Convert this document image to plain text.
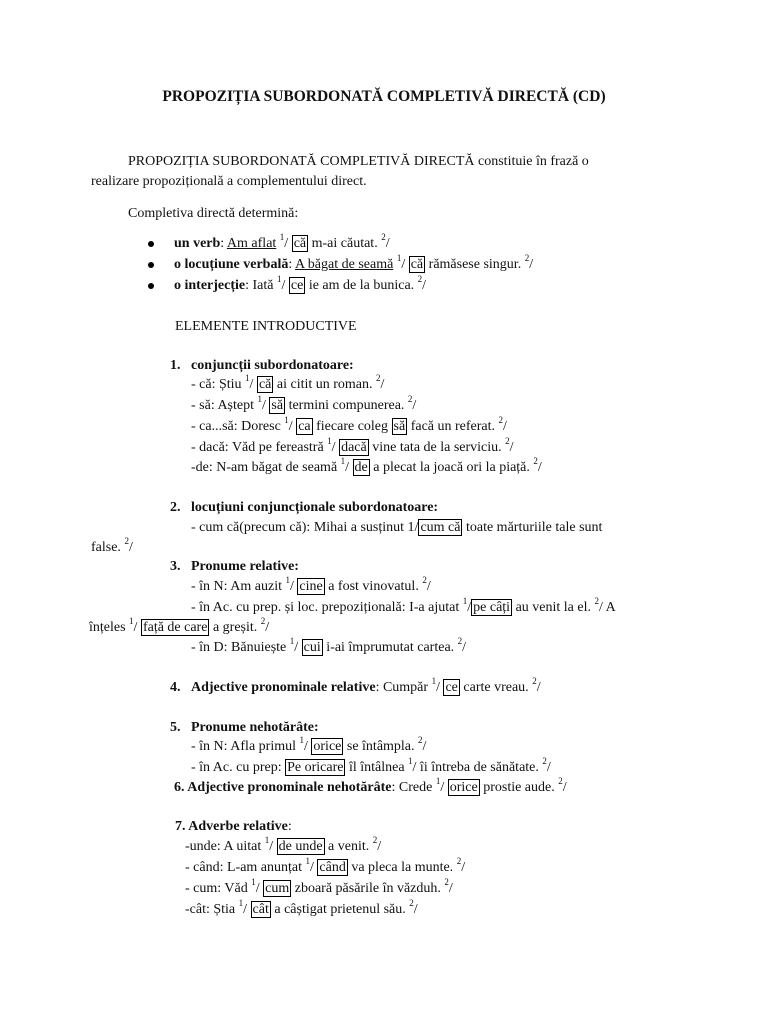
PROPOZIȚIA SUBORDONATĂ COMPLETIVĂ DIRECTĂ (CD)
PROPOZIȚIA SUBORDONATĂ COMPLETIVĂ DIRECTĂ constituie în frază o
realizare propozițională a complementului direct.
Completiva directă determină:
un verb: Am aflat $^1$/ că m-ai căutat. $^2$/
o locuțiune verbală: A băgat de seamă $^1$/ că rămăsese singur. $^2$/
o interjecție: Iată $^1$/ ce ie am de la bunica. $^2$/
ELEMENTE INTRODUCTIVE
1. conjuncții subordonatoare:
- că: Știu $^1$/ că ai citit un roman. $^2$/
- să: Aștept $^1$/ să termini compunerea. $^2$/
- ca...să: Doresc $^1$/ ca fiecare coleg să facă un referat. $^2$/
- dacă: Văd pe fereastră $^1$/ dacă vine tata de la serviciu. $^2$/
-de: N-am băgat de seamă $^1$/ de a plecat la joacă ori la piață. $^2$/
2. locuțiuni conjuncționale subordonatoare:
- cum că(precum că): Mihai a susținut 1/ cum că toate mărturiile tale sunt
false. $^2$/
3. Pronume relative:
- în N: Am auzit $^1$/ cine a fost vinovatul. $^2$/
- în Ac. cu prep. și loc. prepozițională: I-a ajutat $^1$/ pe câți au venit la el. $^2$/ A
înțeles $^1$/ față de care a greșit. $^2$/
- în D: Bănuiește $^1$/ cui i-ai împrumutat cartea. $^2$/
4. Adjective pronominale relative: Cumpăr $^1$/ ce carte vreau. $^2$/
5. Pronume nehotărâte:
- în N: Afla primul $^1$/ orice se întâmpla. $^2$/
- în Ac. cu prep: Pe oricare îl întâlnea $^1$/ îi întreba de sănătate. $^2$/
6. Adjective pronominale nehotărâte: Crede $^1$/ orice prostie aude. $^2$/
7. Adverbe relative:
-unde: A uitat $^1$/ de unde a venit. $^2$/
- când: L-am anunțat $^1$/ când va pleca la munte. $^2$/
- cum: Văd $^1$/ cum zboară păsările în văzduh. $^2$/
-cât: Știa $^1$/ cât a câștigat prietenul său. $^2$/
